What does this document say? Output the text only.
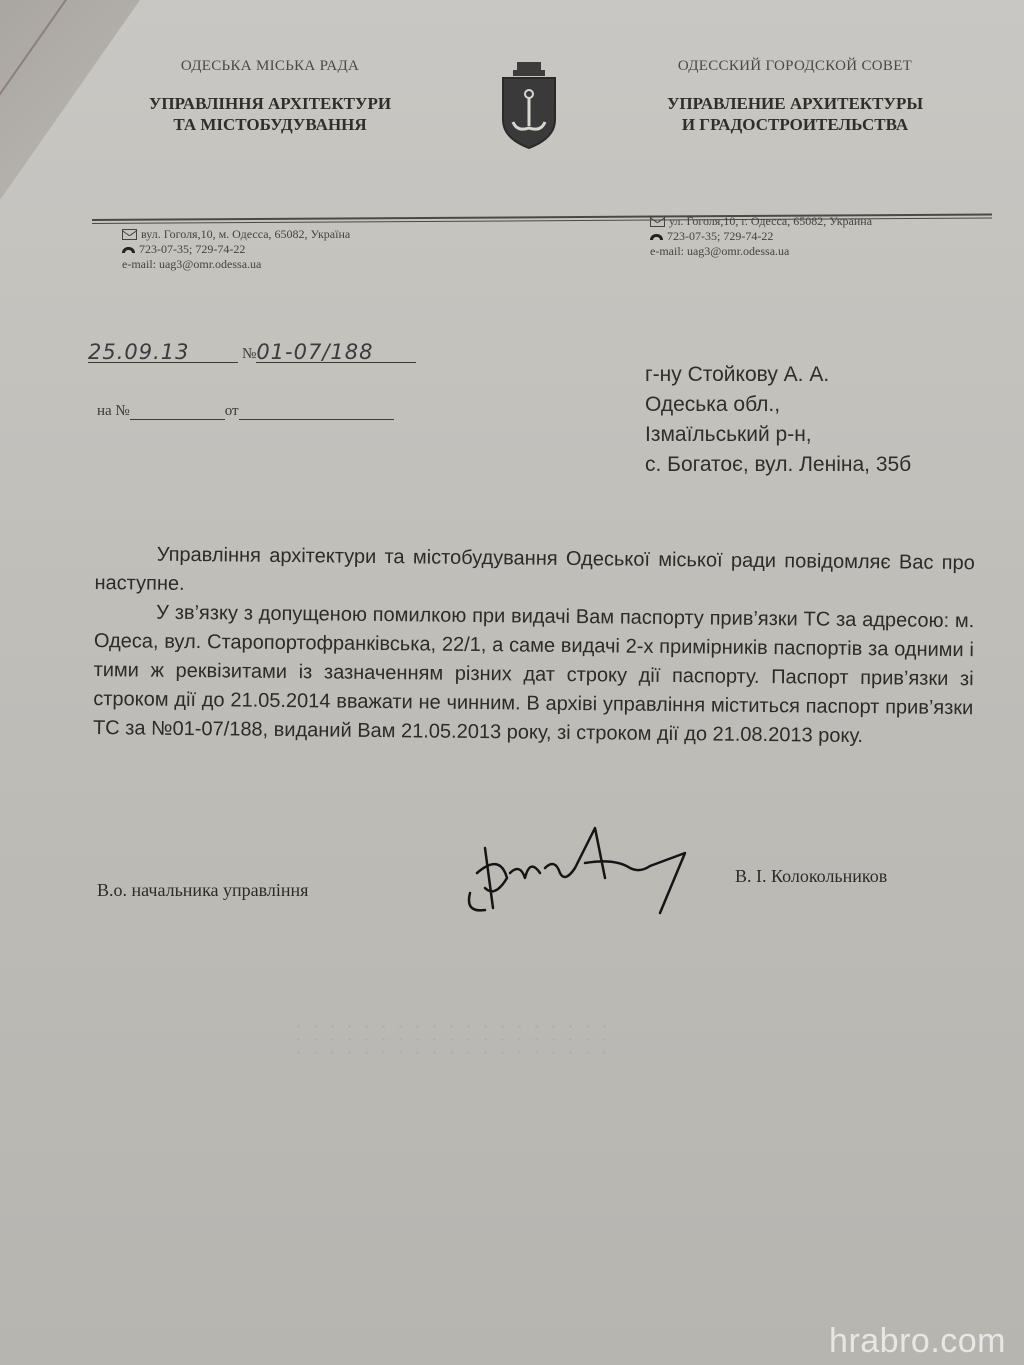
ОДЕСЬКА МІСЬКА РАДА
УПРАВЛІННЯ АРХІТЕКТУРИ
ТА МІСТОБУДУВАННЯ
ОДЕССКИЙ ГОРОДСКОЙ СОВЕТ
УПРАВЛЕНИЕ АРХИТЕКТУРЫ
И ГРАДОСТРОИТЕЛЬСТВА
вул. Гоголя,10, м. Одесса, 65082, Україна
723-07-35; 729-74-22
e-mail: uag3@omr.odessa.ua
ул. Гоголя,10, г. Одесса, 65082, Украина
723-07-35; 729-74-22
e-mail: uag3@omr.odessa.ua
25.09.13	№ 01-07/188
на №	от
г-ну Стойкову А. А.
Одеська обл.,
Ізмаїльський р-н,
с. Богатоє, вул. Леніна, 35б

Управління архітектури та містобудування Одеської міської ради повідомляє Вас про наступне.

У зв’язку з допущеною помилкою при видачі Вам паспорту прив’язки ТС за адресою: м. Одеса, вул. Старопортофранківська, 22/1, а саме видачі 2-х примірників паспортів за одними і тими ж реквізитами із зазначенням різних дат строку дії паспорту. Паспорт прив’язки зі строком дії до 21.05.2014 вважати не чинним. В архіві управління міститься паспорт прив’язки ТС за №01-07/188, виданий Вам 21.05.2013 року, зі строком дії до 21.08.2013 року.

В.о. начальника управління
В. І. Колокольников
hrabro.com
